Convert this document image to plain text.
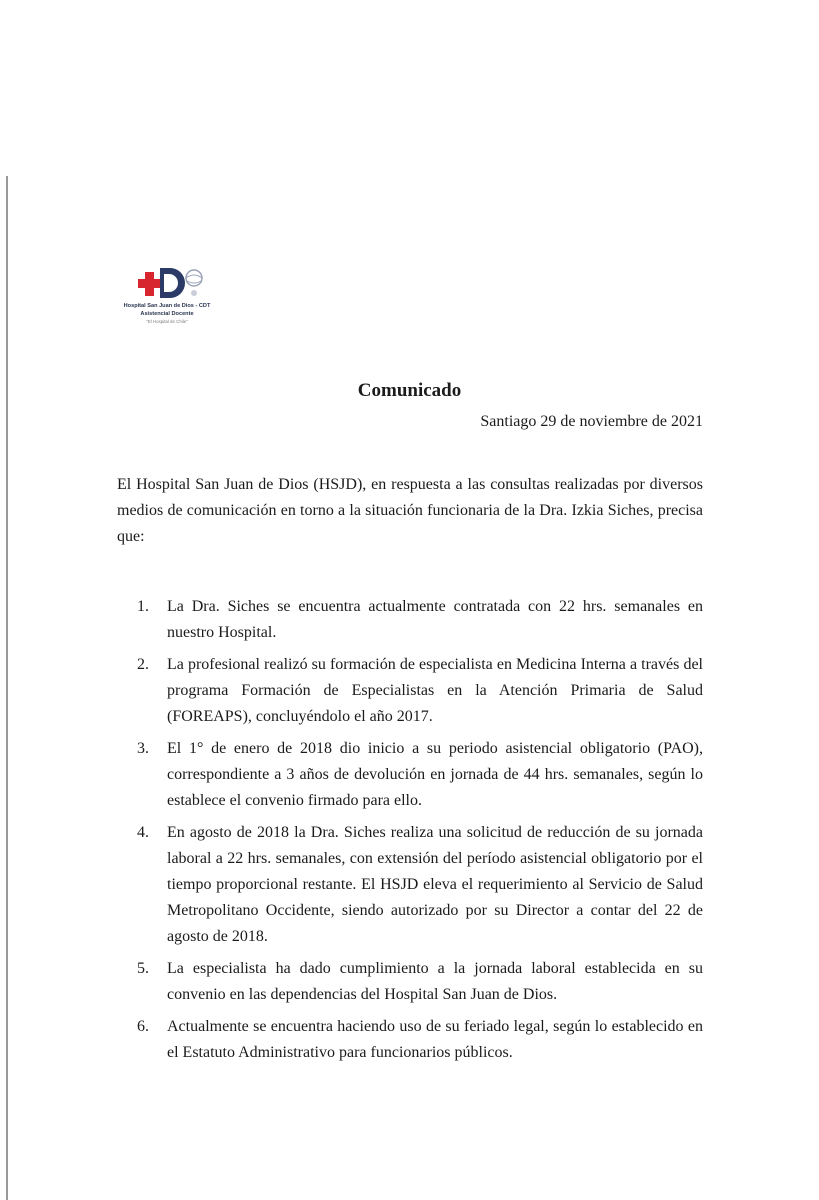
Hospital San Juan de Dios - CDT
Asistencial Docente
"El Hospital de Chile"
Comunicado
Santiago 29 de noviembre de 2021
El Hospital San Juan de Dios (HSJD), en respuesta a las consultas realizadas por diversos medios de comunicación en torno a la situación funcionaria de la Dra. Izkia Siches, precisa que:
1.	La Dra. Siches se encuentra actualmente contratada con 22 hrs. semanales en nuestro Hospital.
2.	La profesional realizó su formación de especialista en Medicina Interna a través del programa Formación de Especialistas en la Atención Primaria de Salud (FOREAPS), concluyéndolo el año 2017.
3.	El 1° de enero de 2018 dio inicio a su periodo asistencial obligatorio (PAO), correspondiente a 3 años de devolución en jornada de 44 hrs. semanales, según lo establece el convenio firmado para ello.
4.	En agosto de 2018 la Dra. Siches realiza una solicitud de reducción de su jornada laboral a 22 hrs. semanales, con extensión del período asistencial obligatorio por el tiempo proporcional restante. El HSJD eleva el requerimiento al Servicio de Salud Metropolitano Occidente, siendo autorizado por su Director a contar del 22 de agosto de 2018.
5.	La especialista ha dado cumplimiento a la jornada laboral establecida en su convenio en las dependencias del Hospital San Juan de Dios.
6.	Actualmente se encuentra haciendo uso de su feriado legal, según lo establecido en el Estatuto Administrativo para funcionarios públicos.
